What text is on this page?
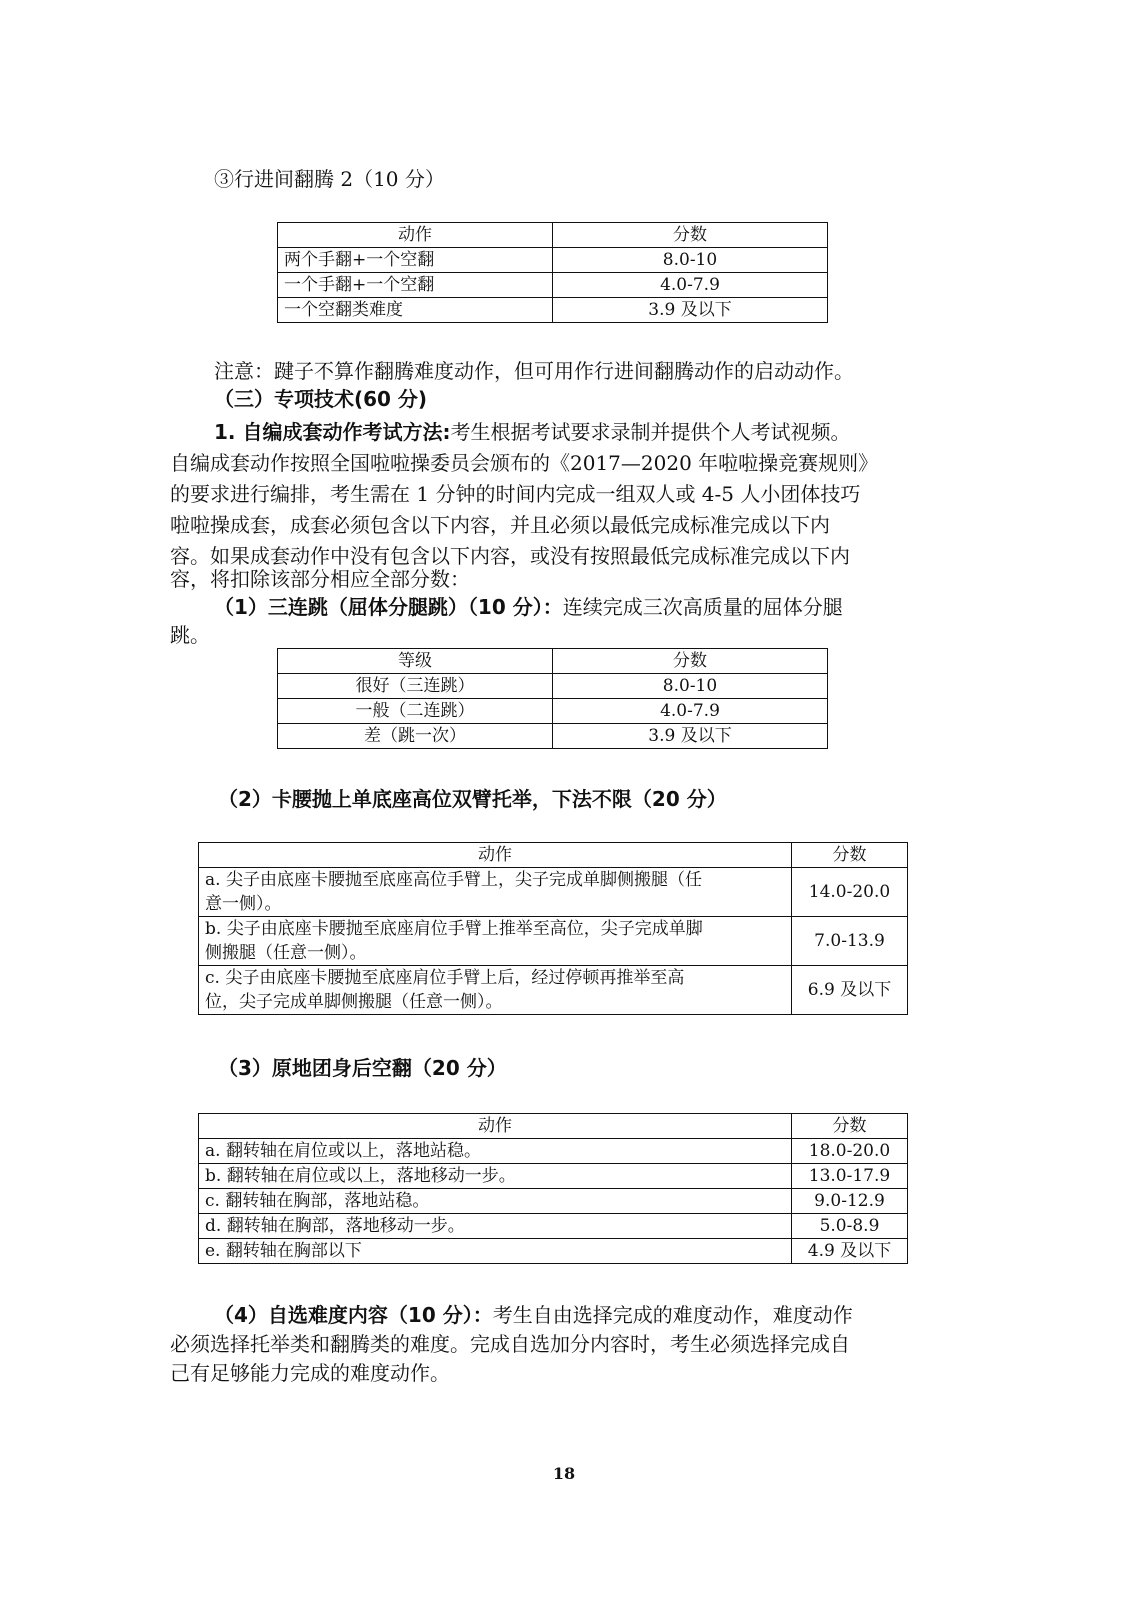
③行进间翻腾 2（10 分）
动作	分数
两个手翻+一个空翻	8.0-10
一个手翻+一个空翻	4.0-7.9
一个空翻类难度	3.9 及以下
注意：踺子不算作翻腾难度动作，但可用作行进间翻腾动作的启动动作。
（三）专项技术(60 分)
1. 自编成套动作考试方法:考生根据考试要求录制并提供个人考试视频。
自编成套动作按照全国啦啦操委员会颁布的《2017—2020 年啦啦操竞赛规则》
的要求进行编排，考生需在 1 分钟的时间内完成一组双人或 4-5 人小团体技巧
啦啦操成套，成套必须包含以下内容，并且必须以最低完成标准完成以下内
容。如果成套动作中没有包含以下内容，或没有按照最低完成标准完成以下内
容，将扣除该部分相应全部分数：
（1）三连跳（屈体分腿跳）（10 分）：连续完成三次高质量的屈体分腿
跳。
等级	分数
很好（三连跳）	8.0-10
一般（二连跳）	4.0-7.9
差（跳一次）	3.9 及以下
（2）卡腰抛上单底座高位双臂托举，下法不限（20 分）
动作	分数

a. 尖子由底座卡腰抛至底座高位手臂上，尖子完成单脚侧搬腿（任
意一侧）。	14.0-20.0

b. 尖子由底座卡腰抛至底座肩位手臂上推举至高位，尖子完成单脚
侧搬腿（任意一侧）。	7.0-13.9

c. 尖子由底座卡腰抛至底座肩位手臂上后，经过停顿再推举至高
位，尖子完成单脚侧搬腿（任意一侧）。	6.9 及以下
（3）原地团身后空翻（20 分）
动作	分数
a. 翻转轴在肩位或以上，落地站稳。	18.0-20.0
b. 翻转轴在肩位或以上，落地移动一步。	13.0-17.9
c. 翻转轴在胸部，落地站稳。	9.0-12.9
d. 翻转轴在胸部，落地移动一步。	5.0-8.9
e. 翻转轴在胸部以下	4.9 及以下
（4）自选难度内容（10 分）：考生自由选择完成的难度动作，难度动作
必须选择托举类和翻腾类的难度。完成自选加分内容时，考生必须选择完成自
己有足够能力完成的难度动作。
18
